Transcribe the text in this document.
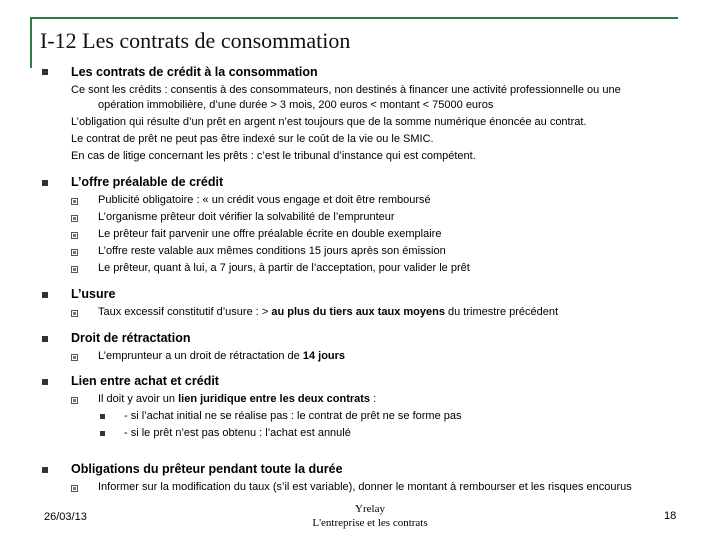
I-12 Les contrats de consommation
Les contrats de crédit à la consommation
Ce sont les crédits : consentis à des consommateurs, non destinés à financer une activité professionnelle ou une
opération immobilière, d’une durée > 3 mois, 200 euros < montant < 75000 euros
L’obligation qui résulte d’un prêt en argent n’est toujours que de la somme numérique énoncée au contrat.
Le contrat de prêt ne peut pas être indexé sur le coût de la vie ou le SMIC.
En cas de litige concernant les prêts : c’est le tribunal d’instance qui est compétent.
L’offre préalable de crédit
Publicité obligatoire : « un crédit vous engage et doit être remboursé
L’organisme prêteur doit vérifier la solvabilité de l’emprunteur
Le prêteur fait parvenir une offre préalable écrite en double exemplaire
L’offre reste valable aux mêmes conditions 15 jours après son émission
Le prêteur, quant à lui, a 7 jours, à partir de l’acceptation, pour valider le prêt
L’usure
Taux excessif constitutif d’usure : > au plus du tiers aux taux moyens du trimestre précédent
Droit de rétractation
L’emprunteur a un droit de rétractation de 14 jours
Lien entre achat et crédit
Il doit y avoir un lien juridique entre les deux contrats :
- si l’achat initial ne se réalise pas : le contrat de prêt ne se forme pas
- si le prêt n’est pas obtenu : l’achat est annulé
Obligations du prêteur pendant toute la durée
Informer sur la modification du taux (s’il est variable), donner le montant à rembourser et les risques encourus
26/03/13
Yrelay
L'entreprise et les contrats
18
